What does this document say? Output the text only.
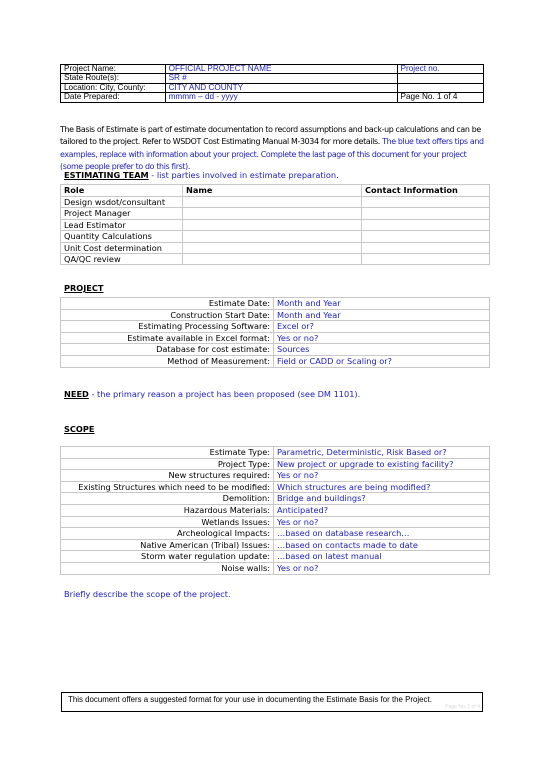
Project Name:	OFFICIAL PROJECT NAME	Project no.
State Route(s):	SR #	
Location: City, County:	CITY AND COUNTY	
Date Prepared:	mmmm – dd - yyyy	Page No. 1 of 4
The Basis of Estimate is part of estimate documentation to record assumptions and back-up calculations and can be tailored to the project. Refer to WSDOT Cost Estimating Manual M-3034 for more details. The blue text offers tips and examples, replace with information about your project. Complete the last page of this document for your project (some people prefer to do this first).
ESTIMATING TEAM - list parties involved in estimate preparation.
Role	Name	Contact Information
Design wsdot/consultant		
Project Manager		
Lead Estimator		
Quantity Calculations		
Unit Cost determination		
QA/QC review		
PROJECT
Estimate Date:	Month and Year
Construction Start Date:	Month and Year
Estimating Processing Software:	Excel or?
Estimate available in Excel format:	Yes or no?
Database for cost estimate:	Sources
Method of Measurement:	Field or CADD or Scaling or?
NEED - the primary reason a project has been proposed (see DM 1101).
SCOPE
Estimate Type:	Parametric, Deterministic, Risk Based or?
Project Type:	New project or upgrade to existing facility?
New structures required:	Yes or no?
Existing Structures which need to be modified:	Which structures are being modified?
Demolition:	Bridge and buildings?
Hazardous Materials:	Anticipated?
Wetlands Issues:	Yes or no?
Archeological Impacts:	…based on database research…
Native American (Tribal) Issues:	…based on contacts made to date
Storm water regulation update:	…based on latest manual
Noise walls:	Yes or no?
Briefly describe the scope of the project.
This document offers a suggested format for your use in documenting the Estimate Basis for the Project.
Page No. 1 of 4
